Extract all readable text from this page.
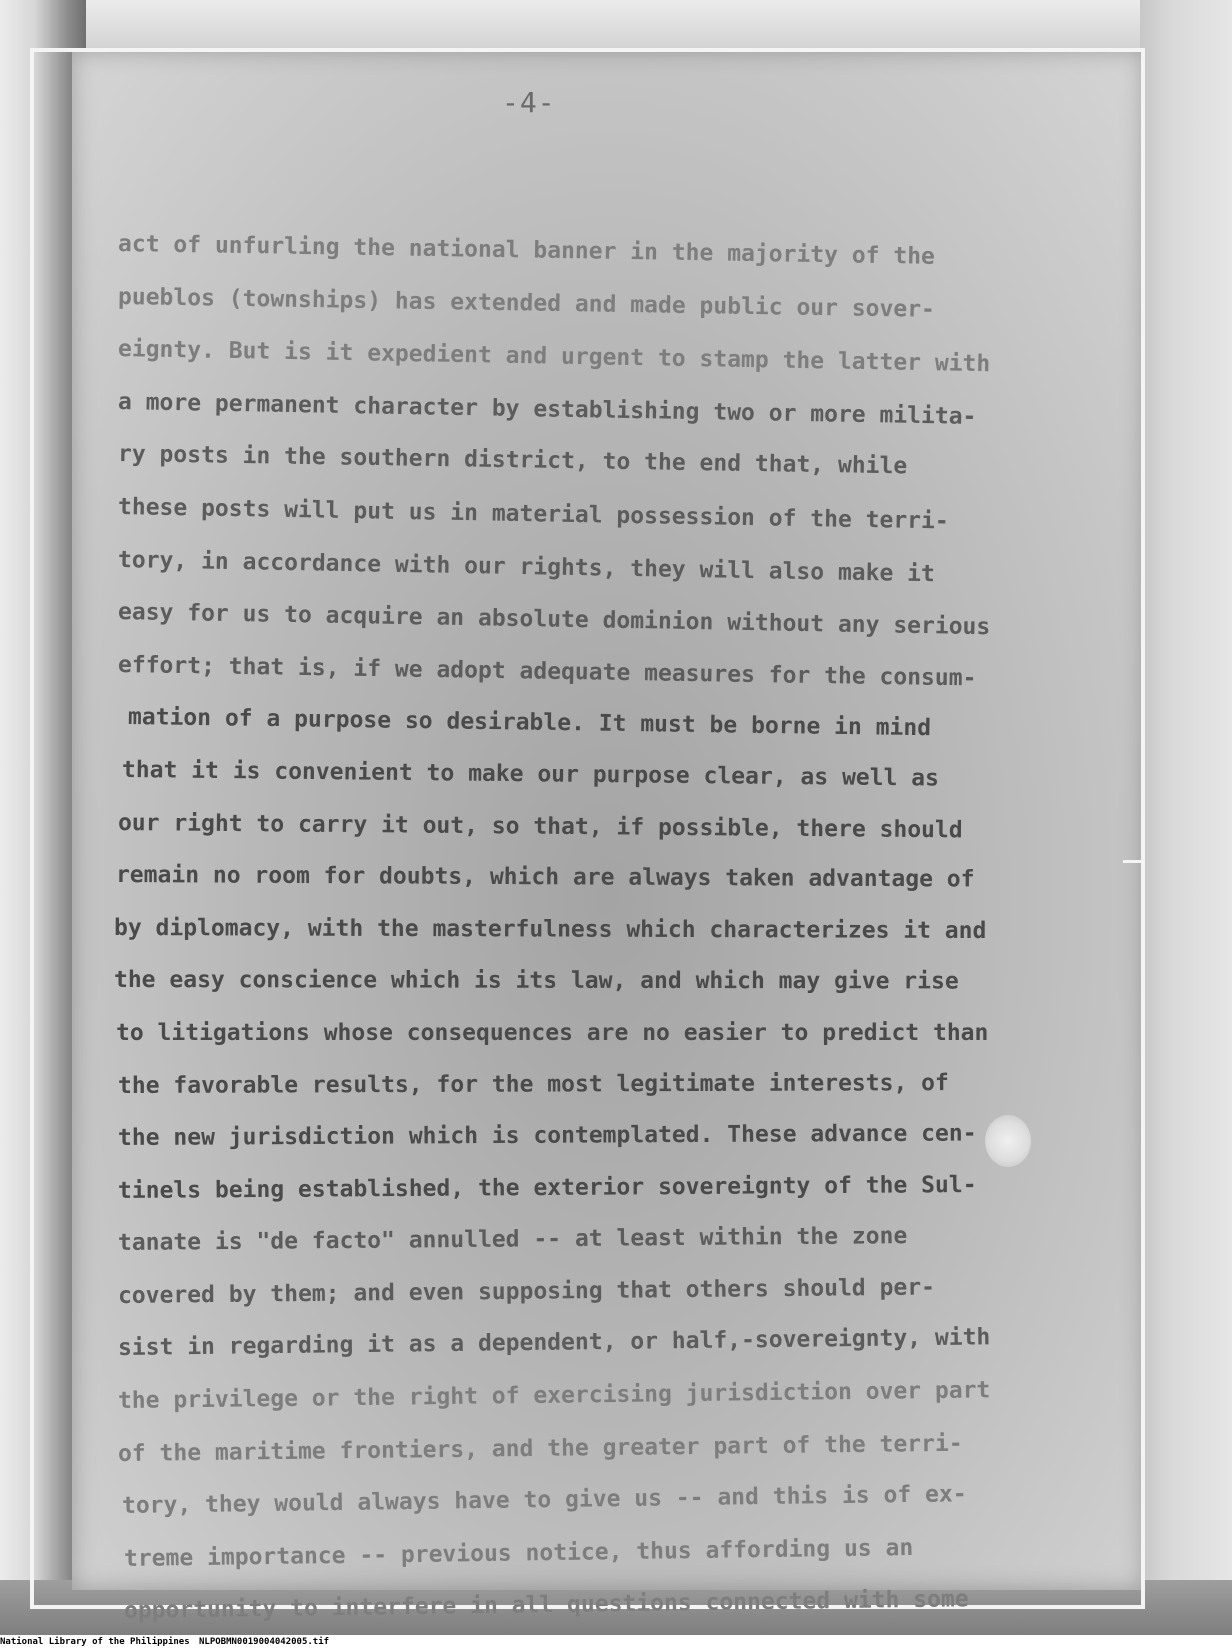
-4-
act of unfurling the national banner in the majority of the
pueblos (townships) has extended and made public our sover-
eignty. But is it expedient and urgent to stamp the latter with
a more permanent character by establishing two or more milita-
ry posts in the southern district, to the end that, while
these posts will put us in material possession of the terri-
tory, in accordance with our rights, they will also make it
easy for us to acquire an absolute dominion without any serious
effort; that is, if we adopt adequate measures for the consum-
mation of a purpose so desirable. It must be borne in mind
that it is convenient to make our purpose clear, as well as
our right to carry it out, so that, if possible, there should
remain no room for doubts, which are always taken advantage of
by diplomacy, with the masterfulness which characterizes it and
the easy conscience which is its law, and which may give rise
to litigations whose consequences are no easier to predict than
the favorable results, for the most legitimate interests, of
the new jurisdiction which is contemplated. These advance cen-
tinels being established, the exterior sovereignty of the Sul-
tanate is "de facto" annulled -- at least within the zone
covered by them; and even supposing that others should per-
sist in regarding it as a dependent, or half,-sovereignty, with
the privilege or the right of exercising jurisdiction over part
of the maritime frontiers, and the greater part of the terri-
tory, they would always have to give us -- and this is of ex-
treme importance -- previous notice, thus affording us an
opportunity to interfere in all questions connected with some
National Library of the Philippines NLPOBMN0019004042005.tif
